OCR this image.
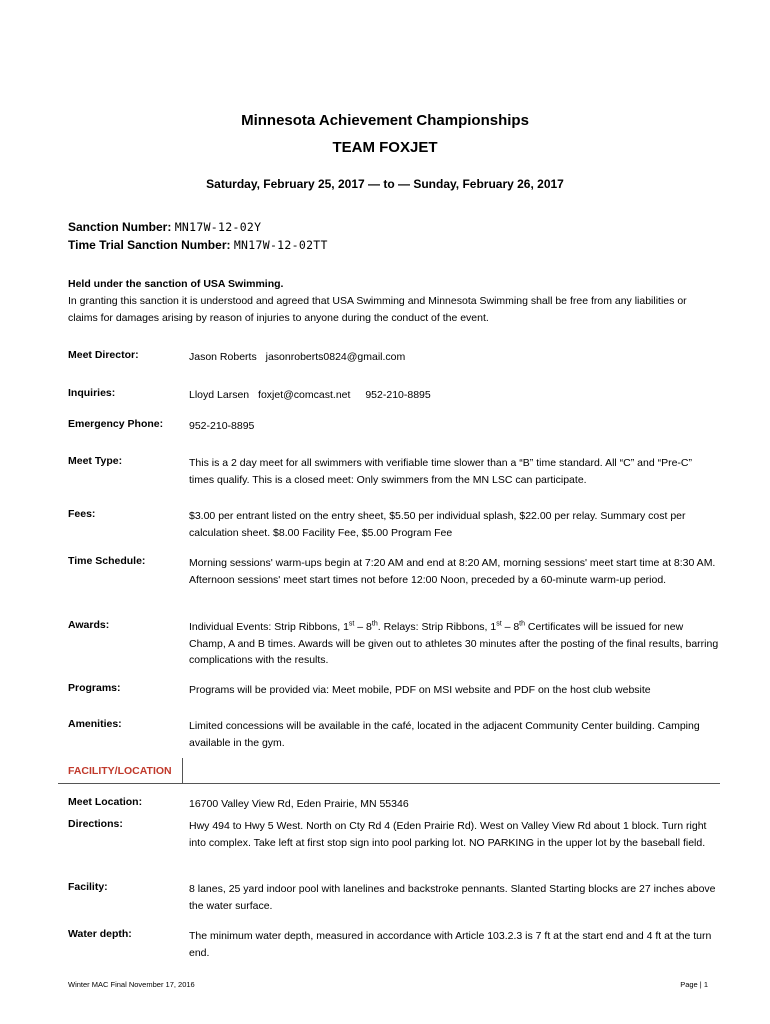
Minnesota Achievement Championships
TEAM FOXJET
Saturday, February 25, 2017 — to — Sunday, February 26, 2017
Sanction Number: MN17W-12-02Y
Time Trial Sanction Number: MN17W-12-02TT
Held under the sanction of USA Swimming.
In granting this sanction it is understood and agreed that USA Swimming and Minnesota Swimming shall be free from any liabilities or claims for damages arising by reason of injuries to anyone during the conduct of the event.
Meet Director:	Jason Roberts jasonroberts0824@gmail.com
Inquiries:	Lloyd Larsen foxjet@comcast.net 952-210-8895
Emergency Phone:	952-210-8895
Meet Type:	This is a 2 day meet for all swimmers with verifiable time slower than a “B” time standard. All “C” and “Pre-C” times qualify. This is a closed meet: Only swimmers from the MN LSC can participate.
Fees:	$3.00 per entrant listed on the entry sheet, $5.50 per individual splash, $22.00 per relay. Summary cost per calculation sheet. $8.00 Facility Fee, $5.00 Program Fee
Time Schedule:	Morning sessions' warm-ups begin at 7:20 AM and end at 8:20 AM, morning sessions' meet start time at 8:30 AM. Afternoon sessions' meet start times not before 12:00 Noon, preceded by a 60-minute warm-up period.
Awards:	Individual Events: Strip Ribbons, 1st – 8th. Relays: Strip Ribbons, 1st – 8th Certificates will be issued for new Champ, A and B times. Awards will be given out to athletes 30 minutes after the posting of the final results, barring complications with the results.
Programs:	Programs will be provided via: Meet mobile, PDF on MSI website and PDF on the host club website
Amenities:	Limited concessions will be available in the café, located in the adjacent Community Center building. Camping available in the gym.
FACILITY/LOCATION
Meet Location:	16700 Valley View Rd, Eden Prairie, MN 55346
Directions:	Hwy 494 to Hwy 5 West. North on Cty Rd 4 (Eden Prairie Rd). West on Valley View Rd about 1 block. Turn right into complex. Take left at first stop sign into pool parking lot. NO PARKING in the upper lot by the baseball field.
Facility:	8 lanes, 25 yard indoor pool with lanelines and backstroke pennants. Slanted Starting blocks are 27 inches above the water surface.
Water depth:	The minimum water depth, measured in accordance with Article 103.2.3 is 7 ft at the start end and 4 ft at the turn end.
Winter MAC Final November 17, 2016	Page | 1
